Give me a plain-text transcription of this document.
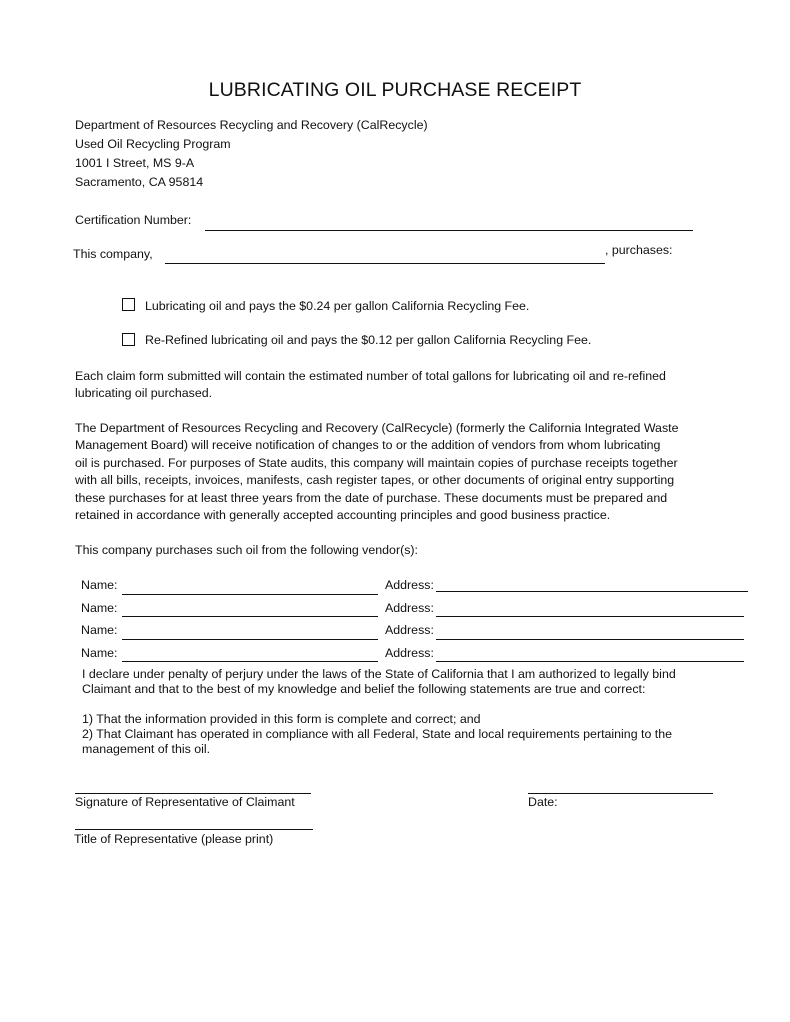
LUBRICATING OIL PURCHASE RECEIPT
Department of Resources Recycling and Recovery (CalRecycle)
Used Oil Recycling Program
1001 I Street, MS 9-A
Sacramento, CA 95814
Certification Number:
This company,	, purchases:
Lubricating oil and pays the $0.24 per gallon California Recycling Fee.
Re-Refined lubricating oil and pays the $0.12 per gallon California Recycling Fee.

Each claim form submitted will contain the estimated number of total gallons for lubricating oil and re-refined

lubricating oil purchased.

The Department of Resources Recycling and Recovery (CalRecycle) (formerly the California Integrated Waste

Management Board) will receive notification of changes to or the addition of vendors from whom lubricating

oil is purchased. For purposes of State audits, this company will maintain copies of purchase receipts together

with all bills, receipts, invoices, manifests, cash register tapes, or other documents of original entry supporting

these purchases for at least three years from the date of purchase. These documents must be prepared and

retained in accordance with generally accepted accounting principles and good business practice.

This company purchases such oil from the following vendor(s):
Name:	Address:
Name:	Address:
Name:	Address:
Name:	Address:

I declare under penalty of perjury under the laws of the State of California that I am authorized to legally bind

Claimant and that to the best of my knowledge and belief the following statements are true and correct:

1) That the information provided in this form is complete and correct; and

2) That Claimant has operated in compliance with all Federal, State and local requirements pertaining to the

management of this oil.

Signature of Representative of Claimant	Date:
Title of Representative (please print)
